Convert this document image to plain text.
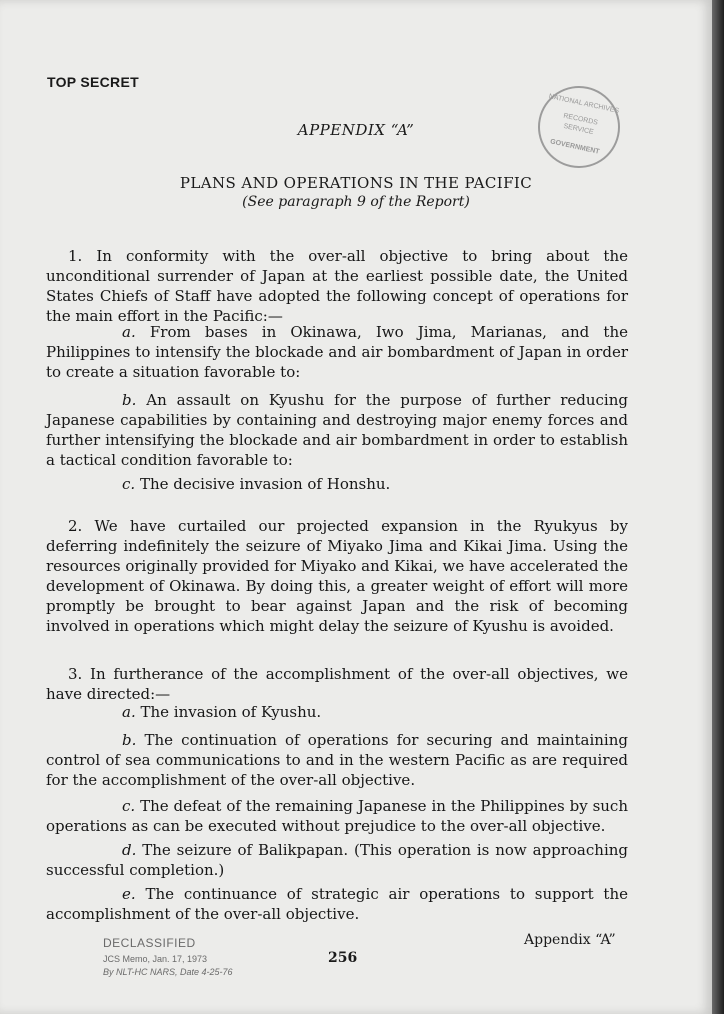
TOP SECRET
NATIONAL ARCHIVES
RECORDS
SERVICE
GOVERNMENT
APPENDIX “A”
PLANS AND OPERATIONS IN THE PACIFIC
(See paragraph 9 of the Report)

1. In conformity with the over-all objective to bring about the unconditional surrender of Japan at the earliest possible date, the United States Chiefs of Staff have adopted the following concept of operations for the main effort in the Pacific:—

a. From bases in Okinawa, Iwo Jima, Marianas, and the Philippines to intensify the blockade and air bombardment of Japan in order to create a situation favorable to:

b. An assault on Kyushu for the purpose of further reducing Japanese capabilities by containing and destroying major enemy forces and further intensifying the blockade and air bombardment in order to establish a tactical condition favorable to:

c. The decisive invasion of Honshu.

2. We have curtailed our projected expansion in the Ryukyus by deferring indefinitely the seizure of Miyako Jima and Kikai Jima. Using the resources originally provided for Miyako and Kikai, we have accelerated the development of Okinawa. By doing this, a greater weight of effort will more promptly be brought to bear against Japan and the risk of becoming involved in operations which might delay the seizure of Kyushu is avoided.

3. In furtherance of the accomplishment of the over-all objectives, we have directed:—

a. The invasion of Kyushu.

b. The continuation of operations for securing and maintaining control of sea communications to and in the western Pacific as are required for the accomplishment of the over-all objective.

c. The defeat of the remaining Japanese in the Philippines by such operations as can be executed without prejudice to the over-all objective.

d. The seizure of Balikpapan. (This operation is now approaching successful completion.)

e. The continuance of strategic air operations to support the accomplishment of the over-all objective.

DECLASSIFIED
JCS Memo, Jan. 17, 1973
By NLT-HC NARS, Date 4-25-76
256
Appendix “A”
